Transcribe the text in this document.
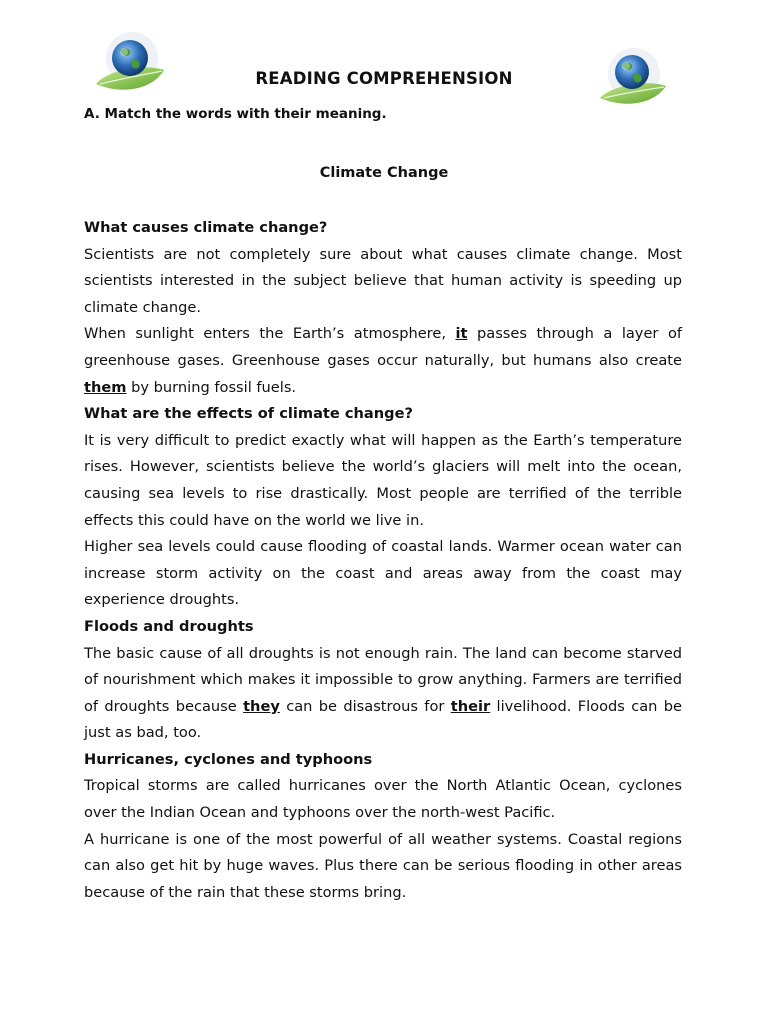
READING COMPREHENSION
A. Match the words with their meaning.
Climate Change
What causes climate change?

Scientists are not completely sure about what causes climate change. Most scientists interested in the subject believe that human activity is speeding up climate change.

When sunlight enters the Earth’s atmosphere, it passes through a layer of greenhouse gases. Greenhouse gases occur naturally, but humans also create them by burning fossil fuels.

What are the effects of climate change?

It is very difficult to predict exactly what will happen as the Earth’s temperature rises. However, scientists believe the world’s glaciers will melt into the ocean, causing sea levels to rise drastically. Most people are terrified of the terrible effects this could have on the world we live in.

Higher sea levels could cause flooding of coastal lands. Warmer ocean water can increase storm activity on the coast and areas away from the coast may experience droughts.

Floods and droughts

The basic cause of all droughts is not enough rain. The land can become starved of nourishment which makes it impossible to grow anything. Farmers are terrified of droughts because they can be disastrous for their livelihood. Floods can be just as bad, too.

Hurricanes, cyclones and typhoons

Tropical storms are called hurricanes over the North Atlantic Ocean, cyclones over the Indian Ocean and typhoons over the north-west Pacific.

A hurricane is one of the most powerful of all weather systems. Coastal regions can also get hit by huge waves. Plus there can be serious flooding in other areas because of the rain that these storms bring.
